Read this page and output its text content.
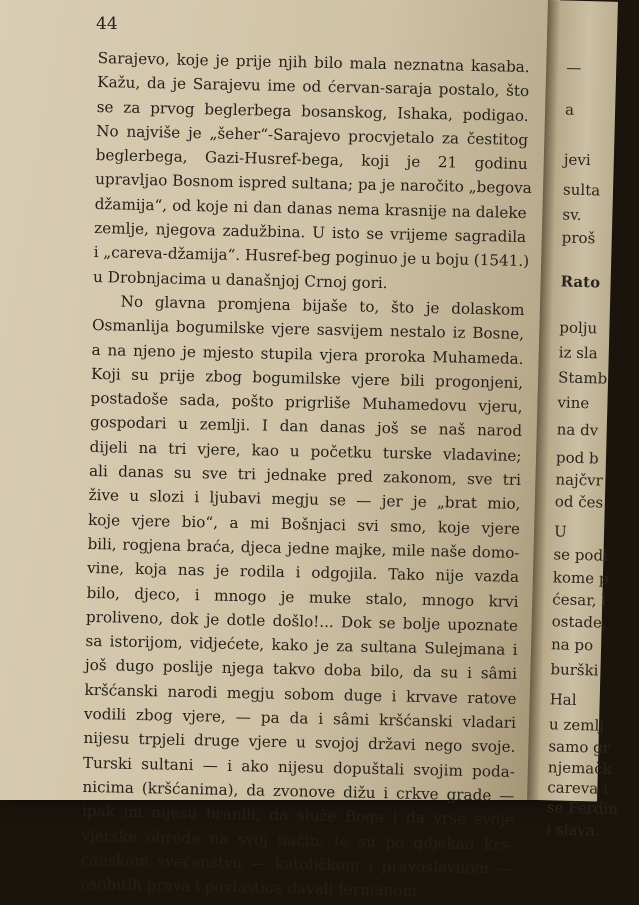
44
Sarajevo, koje je prije njih bilo mala neznatna kasaba.
Kažu, da je Sarajevu ime od ćervan-saraja postalo, što
se za prvog beglerbega bosanskog, Ishaka, podigao.
No najviše je „šeher“-Sarajevo procvjetalo za čestitog
beglerbega, Gazi-Husref-bega, koji je 21 godinu
upravljao Bosnom ispred sultana; pa je naročito „begova
džamija“, od koje ni dan danas nema krasnije na daleke
zemlje, njegova zadužbina. U isto se vrijeme sagradila
i „careva-džamija“. Husref-beg poginuo je u boju (1541.)
u Drobnjacima u današnjoj Crnoj gori.
No glavna promjena bijaše to, što je dolaskom
Osmanlija bogumilske vjere sasvijem nestalo iz Bosne,
a na njeno je mjesto stupila vjera proroka Muhameda.
Koji su prije zbog bogumilske vjere bili progonjeni,
postadoše sada, pošto prigrliše Muhamedovu vjeru,
gospodari u zemlji. I dan danas još se naš narod
dijeli na tri vjere, kao u početku turske vladavine;
ali danas su sve tri jednake pred zakonom, sve tri
žive u slozi i ljubavi megju se — jer je „brat mio,
koje vjere bio“, a mi Bošnjaci svi smo, koje vjere
bili, rogjena braća, djeca jedne majke, mile naše domo-
vine, koja nas je rodila i odgojila. Tako nije vazda
bilo, djeco, i mnogo je muke stalo, mnogo krvi
proliveno, dok je dotle došlo!... Dok se bolje upoznate
sa istorijom, vidjećete, kako je za sultana Sulejmana i
još dugo poslije njega takvo doba bilo, da su i sâmi
kršćanski narodi megju sobom duge i krvave ratove
vodili zbog vjere, — pa da i sâmi kršćanski vladari
nijesu trpjeli druge vjere u svojoj državi nego svoje.
Turski sultani — i ako nijesu dopuštali svojim poda-
nicima (kršćanima), da zvonove dižu i crkve grade —
ipak im nijesu branili, da služe Boga i da vrše svoje
vjerske obrede na svoj način; te su po gdjekad krš-
ćanskom svećenstvu — katoličkom i pravoslavnom —
osobitih prava i povlastica davali fermanom.
—
a
jevi
sulta
sv.
proš
Rato
polju
iz sla
Stamb
vine
na dv
pod b
najčvr
od čes
U
se podi
kome p
ćesar, l
ostade,
na po
burški
Hal
u zemlj
samo gr
njemačk
careva i
se Ferdin
i slava.
